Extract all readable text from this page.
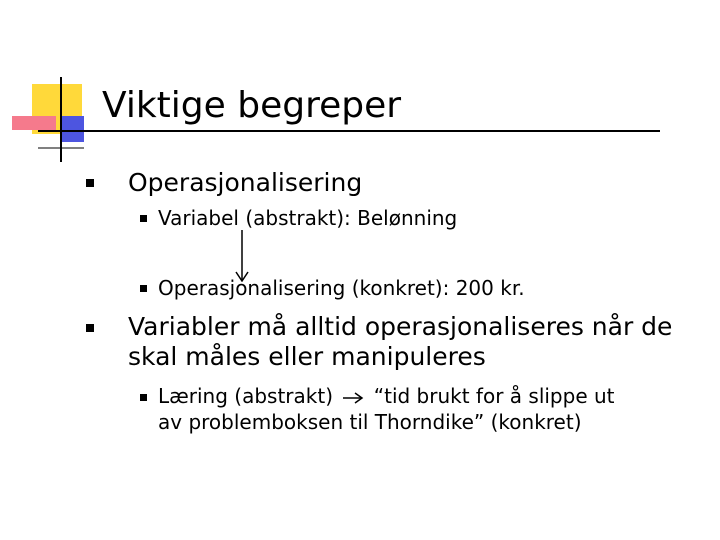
Viktige begreper
Operasjonalisering
Variabel (abstrakt): Belønning
Operasjonalisering (konkret): 200 kr.
Variabler må alltid operasjonaliseres når de
skal måles eller manipuleres
Læring (abstrakt)  “tid brukt for å slippe ut
av problemboksen til Thorndike” (konkret)
